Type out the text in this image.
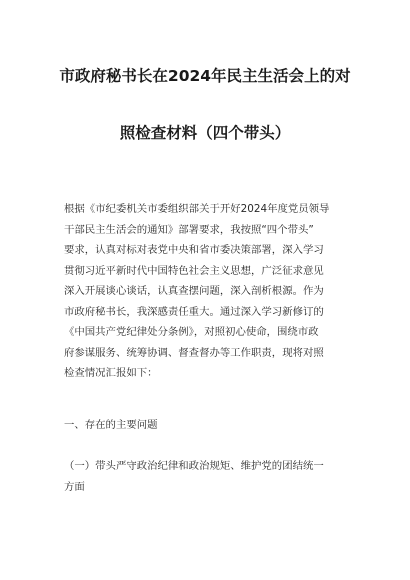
市政府秘书长在2024年民主生活会上的对
照检查材料（四个带头）
根据《市纪委机关市委组织部关于开好2024年度党员领导
干部民主生活会的通知》部署要求，我按照“四个带头”
要求，认真对标对表党中央和省市委决策部署，深入学习
贯彻习近平新时代中国特色社会主义思想，广泛征求意见
深入开展谈心谈话，认真查摆问题，深入剖析根源。作为
市政府秘书长，我深感责任重大。通过深入学习新修订的
《中国共产党纪律处分条例》，对照初心使命，围绕市政
府参谋服务、统筹协调、督查督办等工作职责，现将对照
检查情况汇报如下：
一、存在的主要问题
（一）带头严守政治纪律和政治规矩、维护党的团结统一
方面
